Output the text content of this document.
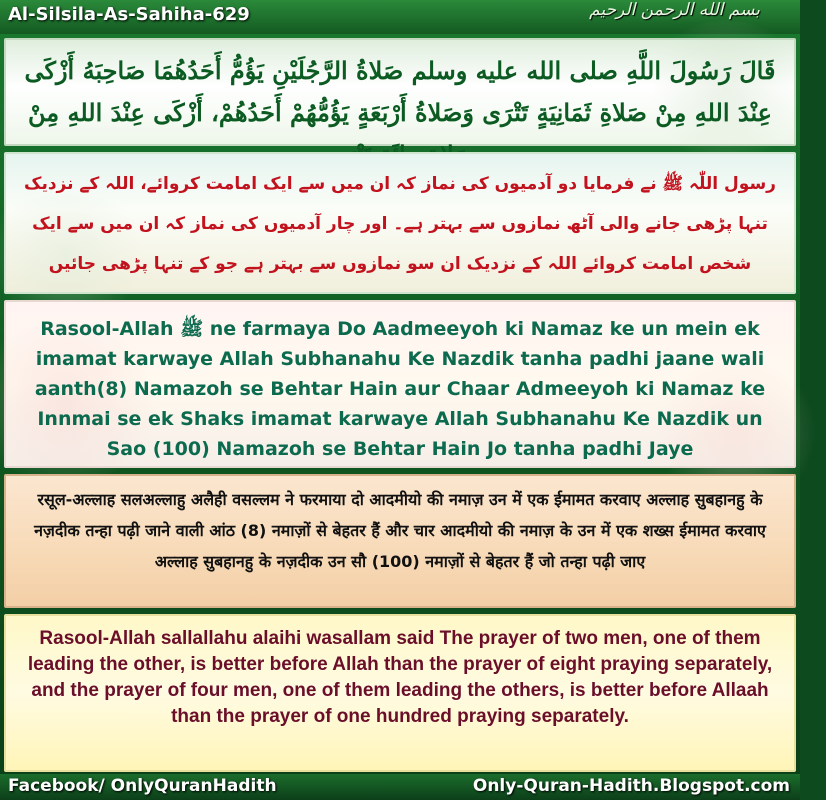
Al-Silsila-As-Sahiha-629	بسم الله الرحمن الرحيم
قَالَ رَسُولَ اللَّهِ صلى الله عليه وسلم صَلاةُ الرَّجُلَيْنِ يَؤُمُّ أَحَدُهُمَا صَاحِبَهُ أَزْكَى عِنْدَ اللهِ مِنْ صَلاةِ ثَمَانِيَةٍ تَتْرَى وَصَلاةُ أَرْبَعَةٍ يَؤُمُّهُمْ أَحَدُهُمْ، أَزْكَى عِنْدَ اللهِ مِنْ
رسول اللّٰہ ﷺ نے فرمایا دو آدمیوں کی نماز کہ ان میں سے ایک امامت کروائے، اللہ کے نزدیک تنہا پڑھی جانے والی آٹھ نمازوں سے بہتر ہے۔ اور چار آدمیوں کی نماز کہ ان میں سے ایک شخص امامت کروائے اللہ کے نزدیک ان سو نمازوں سے بہتر ہے جو کے تنہا پڑھی جائیں
Rasool-Allah ﷺ ne farmaya Do Aadmeeyoh ki Namaz ke un mein ek imamat karwaye Allah Subhanahu Ke Nazdik tanha padhi jaane wali aanth(8) Namazoh se Behtar Hain aur Chaar Admeeyoh ki Namaz ke Innmai se ek Shaks imamat karwaye Allah Subhanahu Ke Nazdik un Sao (100) Namazoh se Behtar Hain Jo tanha padhi Jaye
रसूल-अल्लाह सलअल्लाहु अलैही वसल्लम ने फरमाया दो आदमीयो की नमाज़ उन में एक ईमामत करवाए अल्लाह सुबहानहु के नज़दीक तन्हा पढ़ी जाने वाली आंठ (8) नमाज़ों से बेहतर हैं और चार आदमीयो की नमाज़ के उन में एक शख्स ईमामत करवाए अल्लाह सुबहानहु के नज़दीक उन सौ (100) नमाज़ों से बेहतर हैं जो तन्हा पढ़ी जाए
Rasool-Allah sallallahu alaihi wasallam said The prayer of two men, one of them leading the other, is better before Allah than the prayer of eight praying separately, and the prayer of four men, one of them leading the others, is better before Allaah than the prayer of one hundred praying separately.
Facebook/ OnlyQuranHadith	Only-Quran-Hadith.Blogspot.com
